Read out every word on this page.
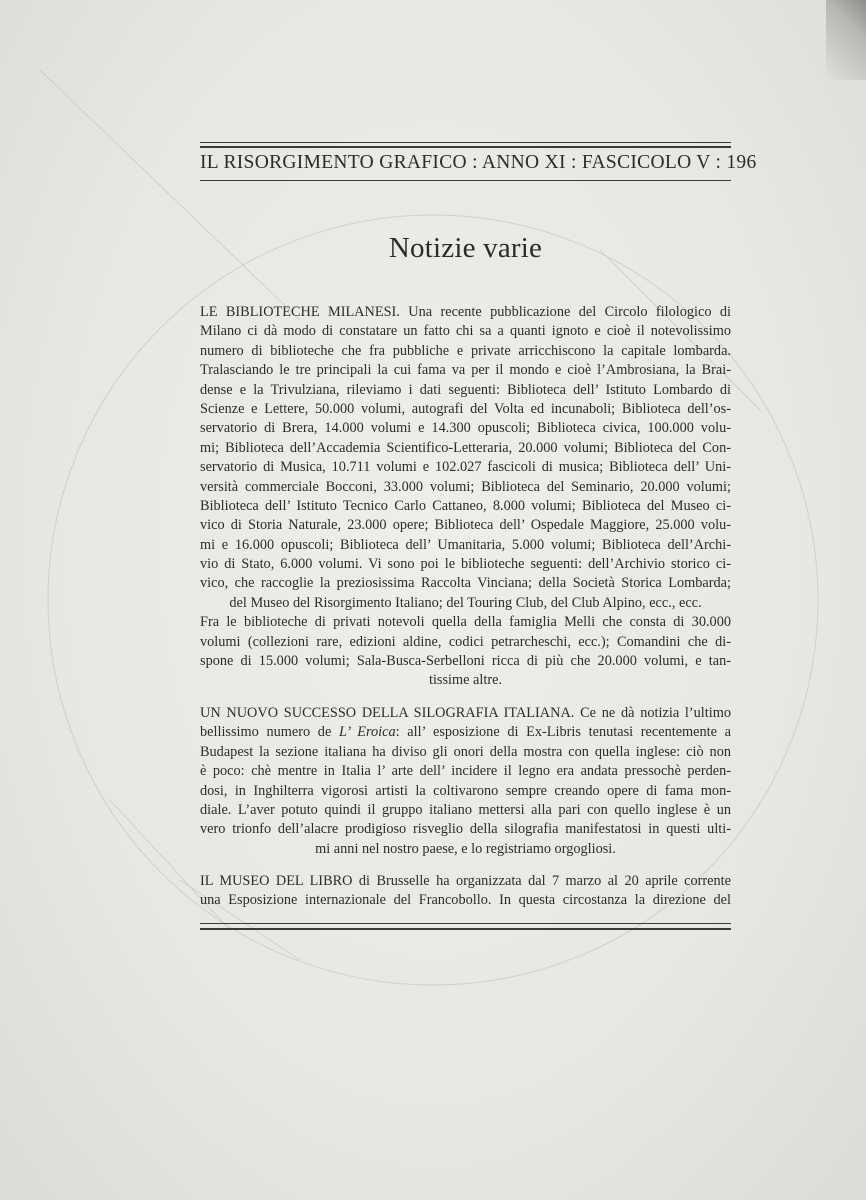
IL RISORGIMENTO GRAFICO : ANNO XI : FASCICOLO V : 196
Notizie varie
LE BIBLIOTECHE MILANESI. Una recente pubblicazione del Circolo filologico di
Milano ci dà modo di constatare un fatto chi sa a quanti ignoto e cioè il notevolissimo
numero di biblioteche che fra pubbliche e private arricchiscono la capitale lombarda.
Tralasciando le tre principali la cui fama va per il mondo e cioè l’Ambrosiana, la Brai-
dense e la Trivulziana, rileviamo i dati seguenti: Biblioteca dell’ Istituto Lombardo di
Scienze e Lettere, 50.000 volumi, autografi del Volta ed incunaboli; Biblioteca dell’os-
servatorio di Brera, 14.000 volumi e 14.300 opuscoli; Biblioteca civica, 100.000 volu-
mi; Biblioteca dell’Accademia Scientifico-Letteraria, 20.000 volumi; Biblioteca del Con-
servatorio di Musica, 10.711 volumi e 102.027 fascicoli di musica; Biblioteca dell’ Uni-
versità commerciale Bocconi, 33.000 volumi; Biblioteca del Seminario, 20.000 volumi;
Biblioteca dell’ Istituto Tecnico Carlo Cattaneo, 8.000 volumi; Biblioteca del Museo ci-
vico di Storia Naturale, 23.000 opere; Biblioteca dell’ Ospedale Maggiore, 25.000 volu-
mi e 16.000 opuscoli; Biblioteca dell’ Umanitaria, 5.000 volumi; Biblioteca dell’Archi-
vio di Stato, 6.000 volumi. Vi sono poi le biblioteche seguenti: dell’Archivio storico ci-
vico, che raccoglie la preziosissima Raccolta Vinciana; della Società Storica Lombarda;
del Museo del Risorgimento Italiano; del Touring Club, del Club Alpino, ecc., ecc.
Fra le biblioteche di privati notevoli quella della famiglia Melli che consta di 30.000
volumi (collezioni rare, edizioni aldine, codici petrarcheschi, ecc.); Comandini che di-
spone di 15.000 volumi; Sala-Busca-Serbelloni ricca di più che 20.000 volumi, e tan-
tissime altre.
UN NUOVO SUCCESSO DELLA SILOGRAFIA ITALIANA. Ce ne dà notizia l’ultimo
bellissimo numero de L’ Eroica: all’ esposizione di Ex-Libris tenutasi recentemente a
Budapest la sezione italiana ha diviso gli onori della mostra con quella inglese: ciò non
è poco: chè mentre in Italia l’ arte dell’ incidere il legno era andata pressochè perden-
dosi, in Inghilterra vigorosi artisti la coltivarono sempre creando opere di fama mon-
diale. L’aver potuto quindi il gruppo italiano mettersi alla pari con quello inglese è un
vero trionfo dell’alacre prodigioso risveglio della silografia manifestatosi in questi ulti-
mi anni nel nostro paese, e lo registriamo orgogliosi.
IL MUSEO DEL LIBRO di Brusselle ha organizzata dal 7 marzo al 20 aprile corrente
una Esposizione internazionale del Francobollo. In questa circostanza la direzione del
